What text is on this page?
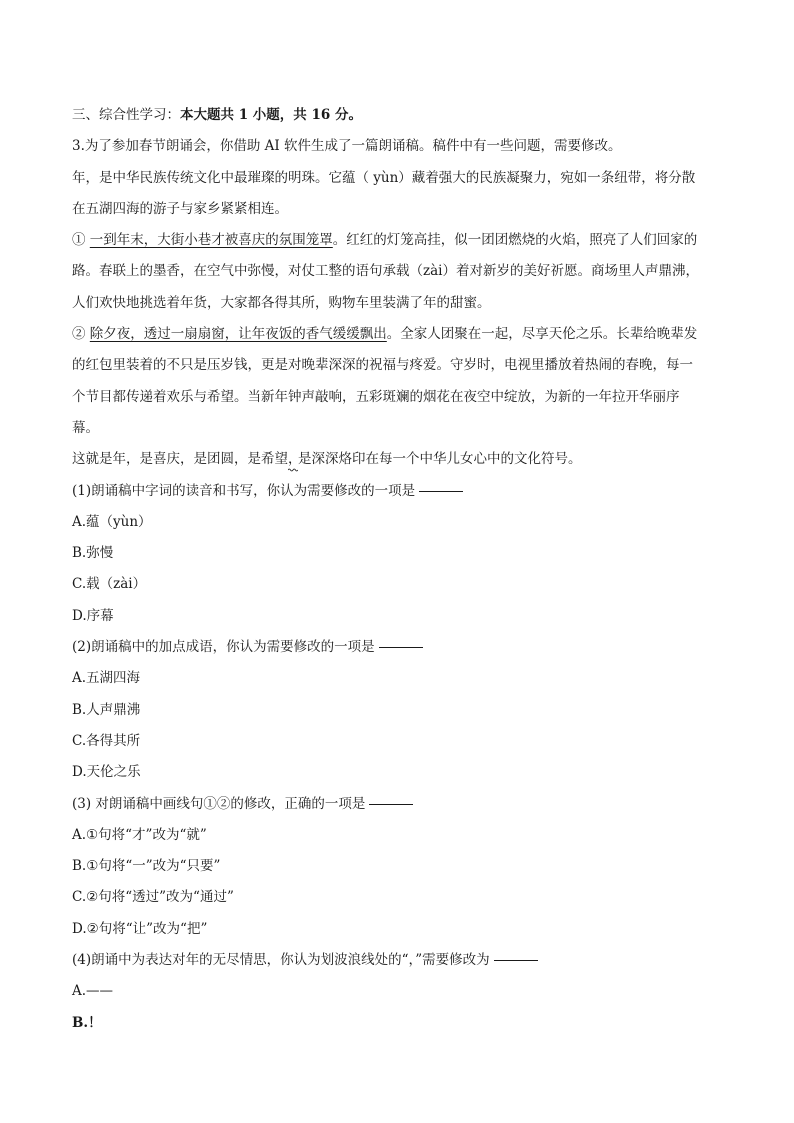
三、综合性学习：本大题共 1 小题，共 16 分。

3.为了参加春节朗诵会，你借助 AI 软件生成了一篇朗诵稿。稿件中有一些问题，需要修改。

年，是中华民族传统文化中最璀璨的明珠。它蕴（ yùn）藏着强大的民族凝聚力，宛如一条纽带，将分散

在五湖四海的游子与家乡紧紧相连。

① 一到年末，大街小巷才被喜庆的氛围笼罩。红红的灯笼高挂，似一团团燃烧的火焰，照亮了人们回家的

路。春联上的墨香，在空气中弥慢，对仗工整的语句承载（zài）着对新岁的美好祈愿。商场里人声鼎沸，

人们欢快地挑选着年货，大家都各得其所，购物车里装满了年的甜蜜。

② 除夕夜，透过一扇扇窗，让年夜饭的香气缓缓飘出。全家人团聚在一起，尽享天伦之乐。长辈给晚辈发

的红包里装着的不只是压岁钱，更是对晚辈深深的祝福与疼爱。守岁时，电视里播放着热闹的春晚，每一

个节目都传递着欢乐与希望。当新年钟声敲响，五彩斑斓的烟花在夜空中绽放，为新的一年拉开华丽序

幕。

这就是年，是喜庆，是团圆，是希望，
是深深烙印在每一个中华儿女心中的文化符号。

(1)朗诵稿中字词的读音和书写，你认为需要修改的一项是

A.蕴（yùn）

B.弥慢

C.载（zài）

D.序幕

(2)朗诵稿中的加点成语，你认为需要修改的一项是

A.五湖四海

B.人声鼎沸

C.各得其所

D.天伦之乐

(3) 对朗诵稿中画线句①②的修改，正确的一项是

A.①句将“才”改为“就”

B.①句将“一”改为“只要”

C.②句将“透过”改为“通过”

D.②句将“让”改为“把”

(4)朗诵中为表达对年的无尽情思，你认为划波浪线处的“，”需要修改为

A.——

B.！
